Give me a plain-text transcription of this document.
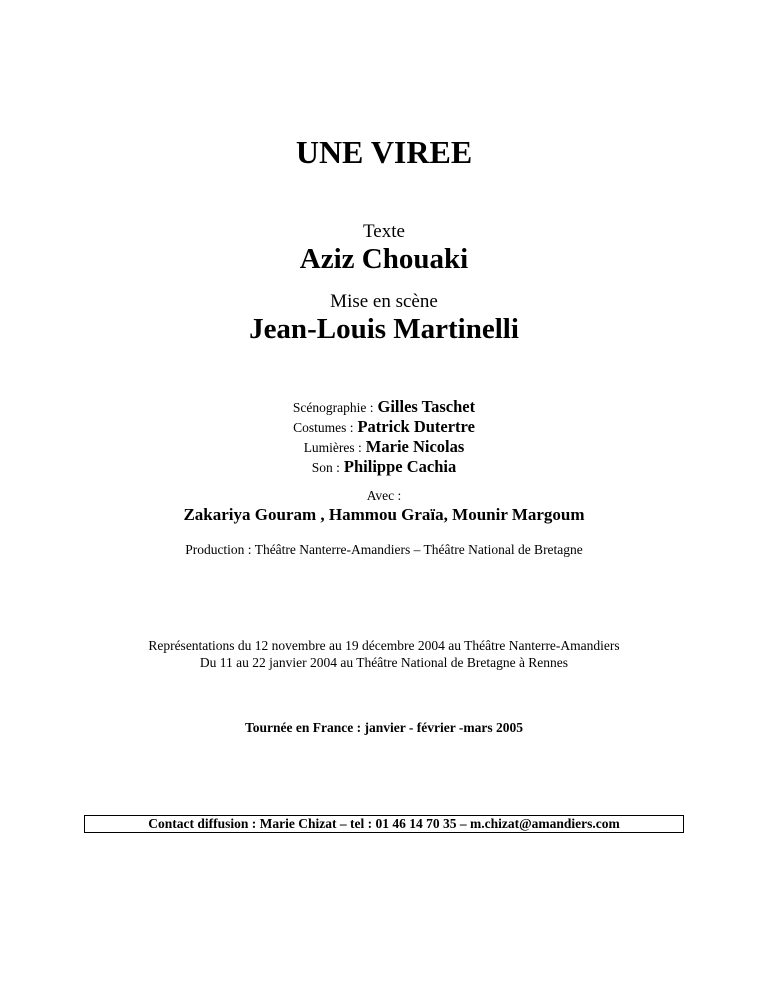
UNE VIREE
Texte
Aziz Chouaki
Mise en scène
Jean-Louis Martinelli

Scénographie : Gilles Taschet

Costumes : Patrick Dutertre

Lumières : Marie Nicolas

Son : Philippe Cachia

Avec :
Zakariya Gouram , Hammou Graïa, Mounir Margoum
Production : Théâtre Nanterre-Amandiers – Théâtre National de Bretagne
Représentations du 12 novembre au 19 décembre 2004 au Théâtre Nanterre-Amandiers
Du 11 au 22 janvier 2004 au Théâtre National de Bretagne à Rennes
Tournée en France : janvier - février -mars 2005
Contact diffusion : Marie Chizat – tel : 01 46 14 70 35 – m.chizat@amandiers.com
